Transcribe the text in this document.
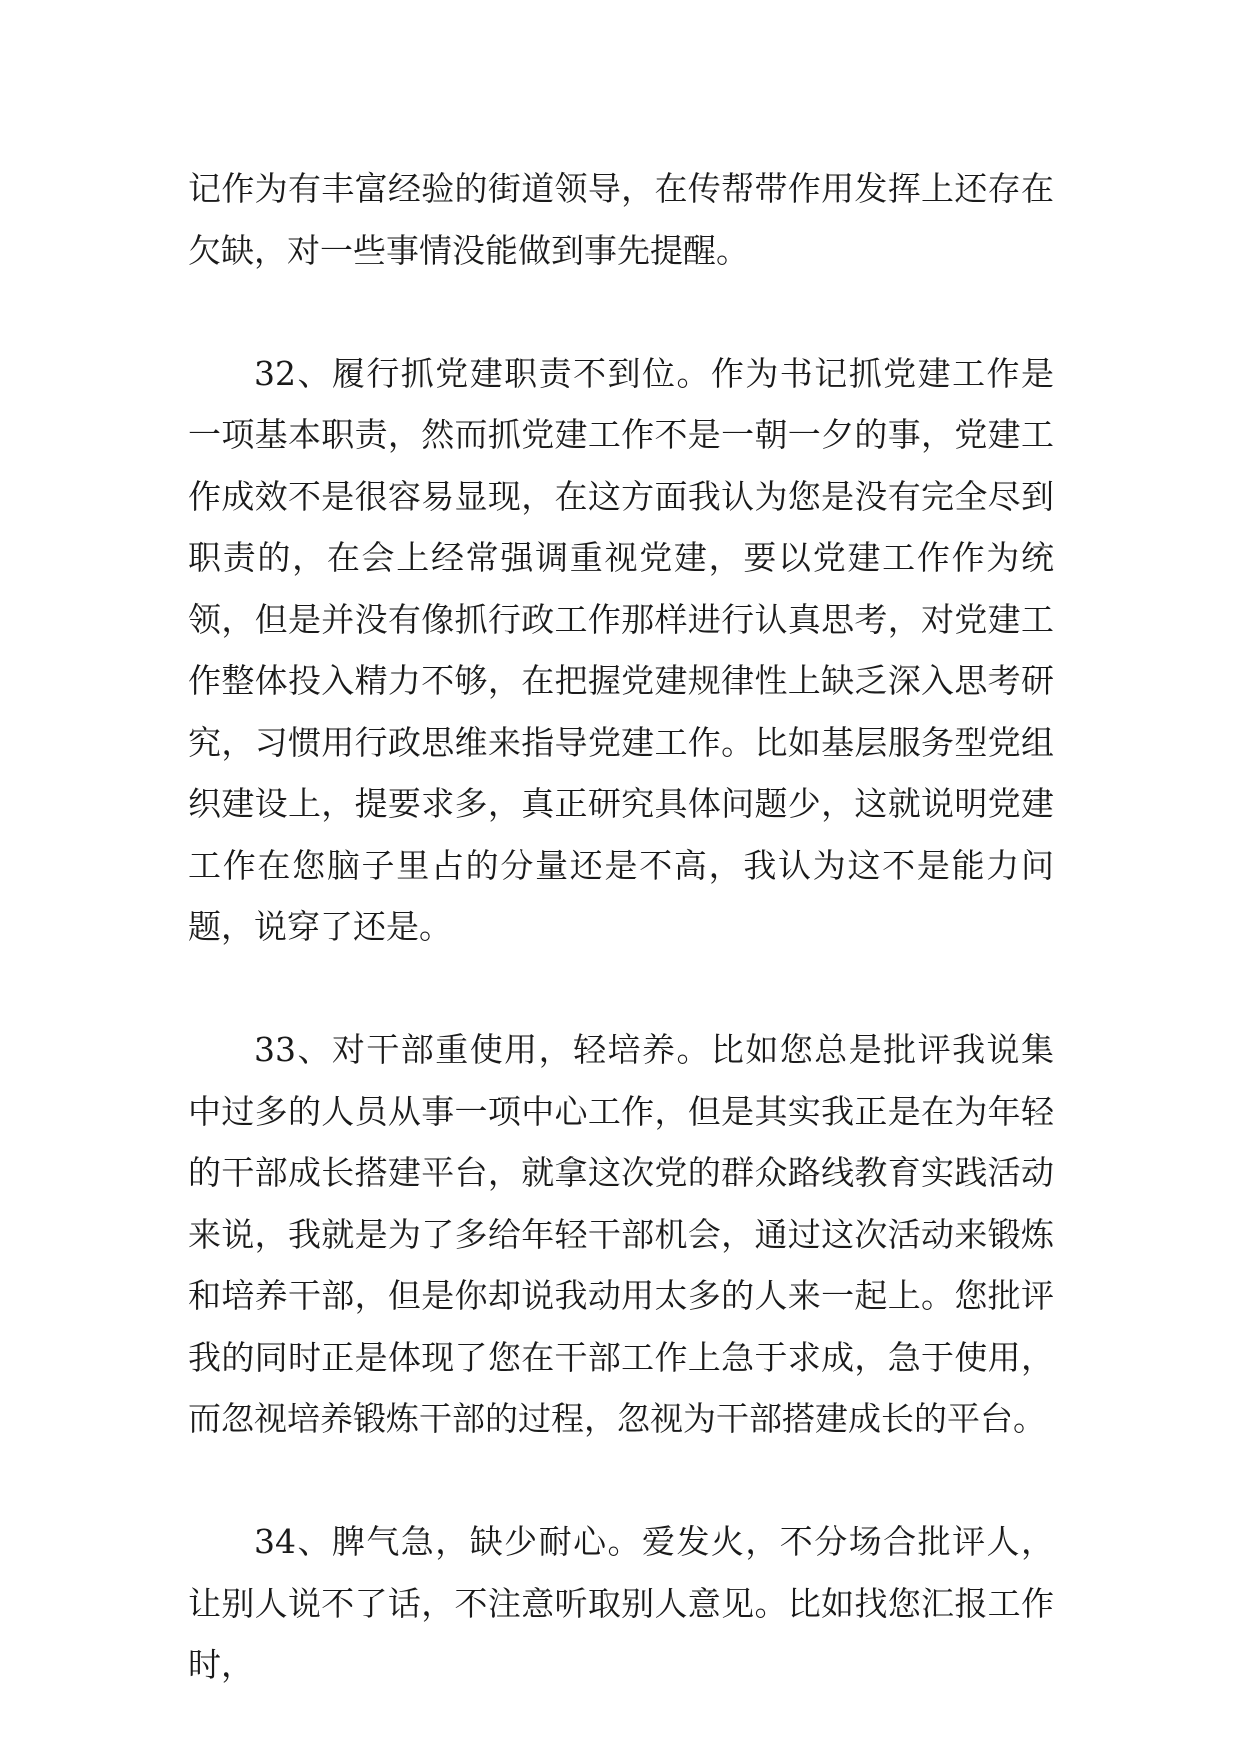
记作为有丰富经验的街道领导，在传帮带作用发挥上还存在欠缺，对一些事情没能做到事先提醒。

32、履行抓党建职责不到位。作为书记抓党建工作是一项基本职责，然而抓党建工作不是一朝一夕的事，党建工作成效不是很容易显现，在这方面我认为您是没有完全尽到职责的，在会上经常强调重视党建，要以党建工作作为统领，但是并没有像抓行政工作那样进行认真思考，对党建工作整体投入精力不够，在把握党建规律性上缺乏深入思考研究，习惯用行政思维来指导党建工作。比如基层服务型党组织建设上，提要求多，真正研究具体问题少，这就说明党建工作在您脑子里占的分量还是不高，我认为这不是能力问题，说穿了还是。

33、对干部重使用，轻培养。比如您总是批评我说集中过多的人员从事一项中心工作，但是其实我正是在为年轻的干部成长搭建平台，就拿这次党的群众路线教育实践活动来说，我就是为了多给年轻干部机会，通过这次活动来锻炼和培养干部，但是你却说我动用太多的人来一起上。您批评我的同时正是体现了您在干部工作上急于求成，急于使用，而忽视培养锻炼干部的过程，忽视为干部搭建成长的平台。

34、脾气急，缺少耐心。爱发火，不分场合批评人，让别人说不了话，不注意听取别人意见。比如找您汇报工作时，
